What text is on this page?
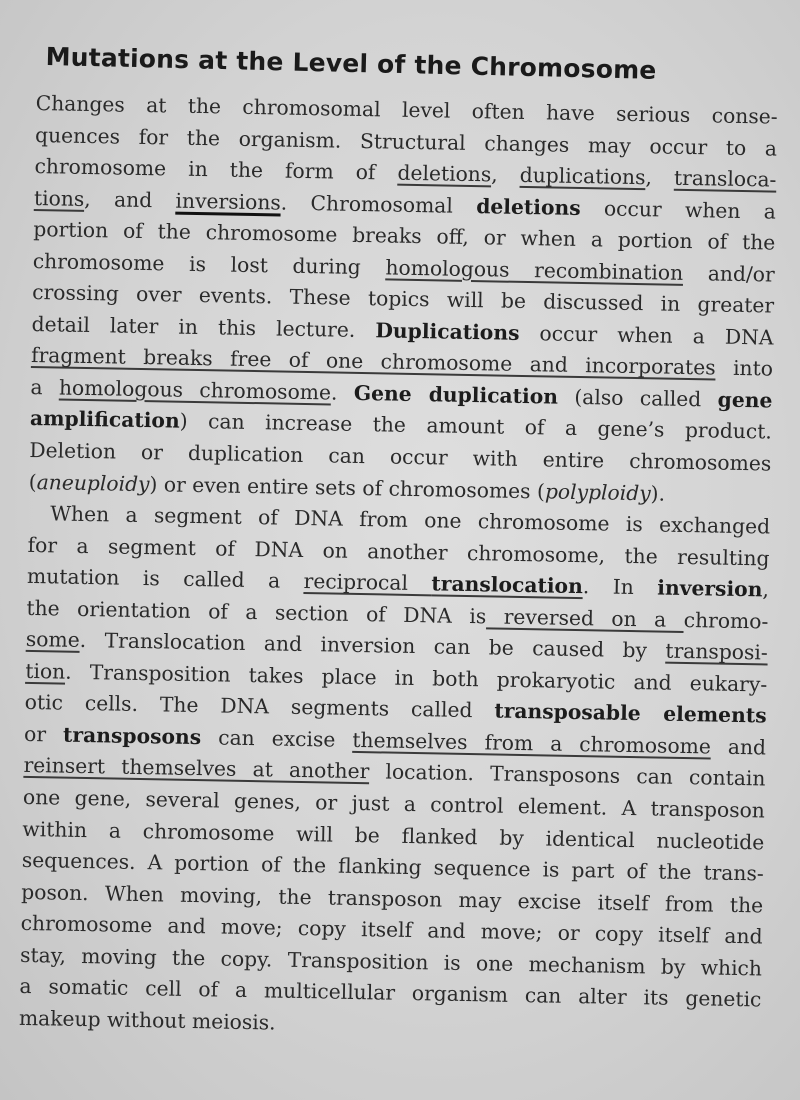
Mutations at the Level of the Chromosome
Changes at the chromosomal level often have serious conse-
quences for the organism. Structural changes may occur to a
chromosome in the form of deletions, duplications, transloca-
tions, and inversions. Chromosomal deletions occur when a
portion of the chromosome breaks off, or when a portion of the
chromosome is lost during homologous recombination and/or
crossing over events. These topics will be discussed in greater
detail later in this lecture. Duplications occur when a DNA
fragment breaks free of one chromosome and incorporates into
a homologous chromosome. Gene duplication (also called gene
amplification) can increase the amount of a gene’s product.
Deletion or duplication can occur with entire chromosomes
(aneuploidy) or even entire sets of chromosomes (polyploidy).
When a segment of DNA from one chromosome is exchanged
for a segment of DNA on another chromosome, the resulting
mutation is called a reciprocal translocation. In inversion,
the orientation of a section of DNA is reversed on a chromo-
some. Translocation and inversion can be caused by transposi-
tion. Transposition takes place in both prokaryotic and eukary-
otic cells. The DNA segments called transposable elements
or transposons can excise themselves from a chromosome and
reinsert themselves at another location. Transposons can contain
one gene, several genes, or just a control element. A transposon
within a chromosome will be flanked by identical nucleotide
sequences. A portion of the flanking sequence is part of the trans-
poson. When moving, the transposon may excise itself from the
chromosome and move; copy itself and move; or copy itself and
stay, moving the copy. Transposition is one mechanism by which
a somatic cell of a multicellular organism can alter its genetic
makeup without meiosis.
